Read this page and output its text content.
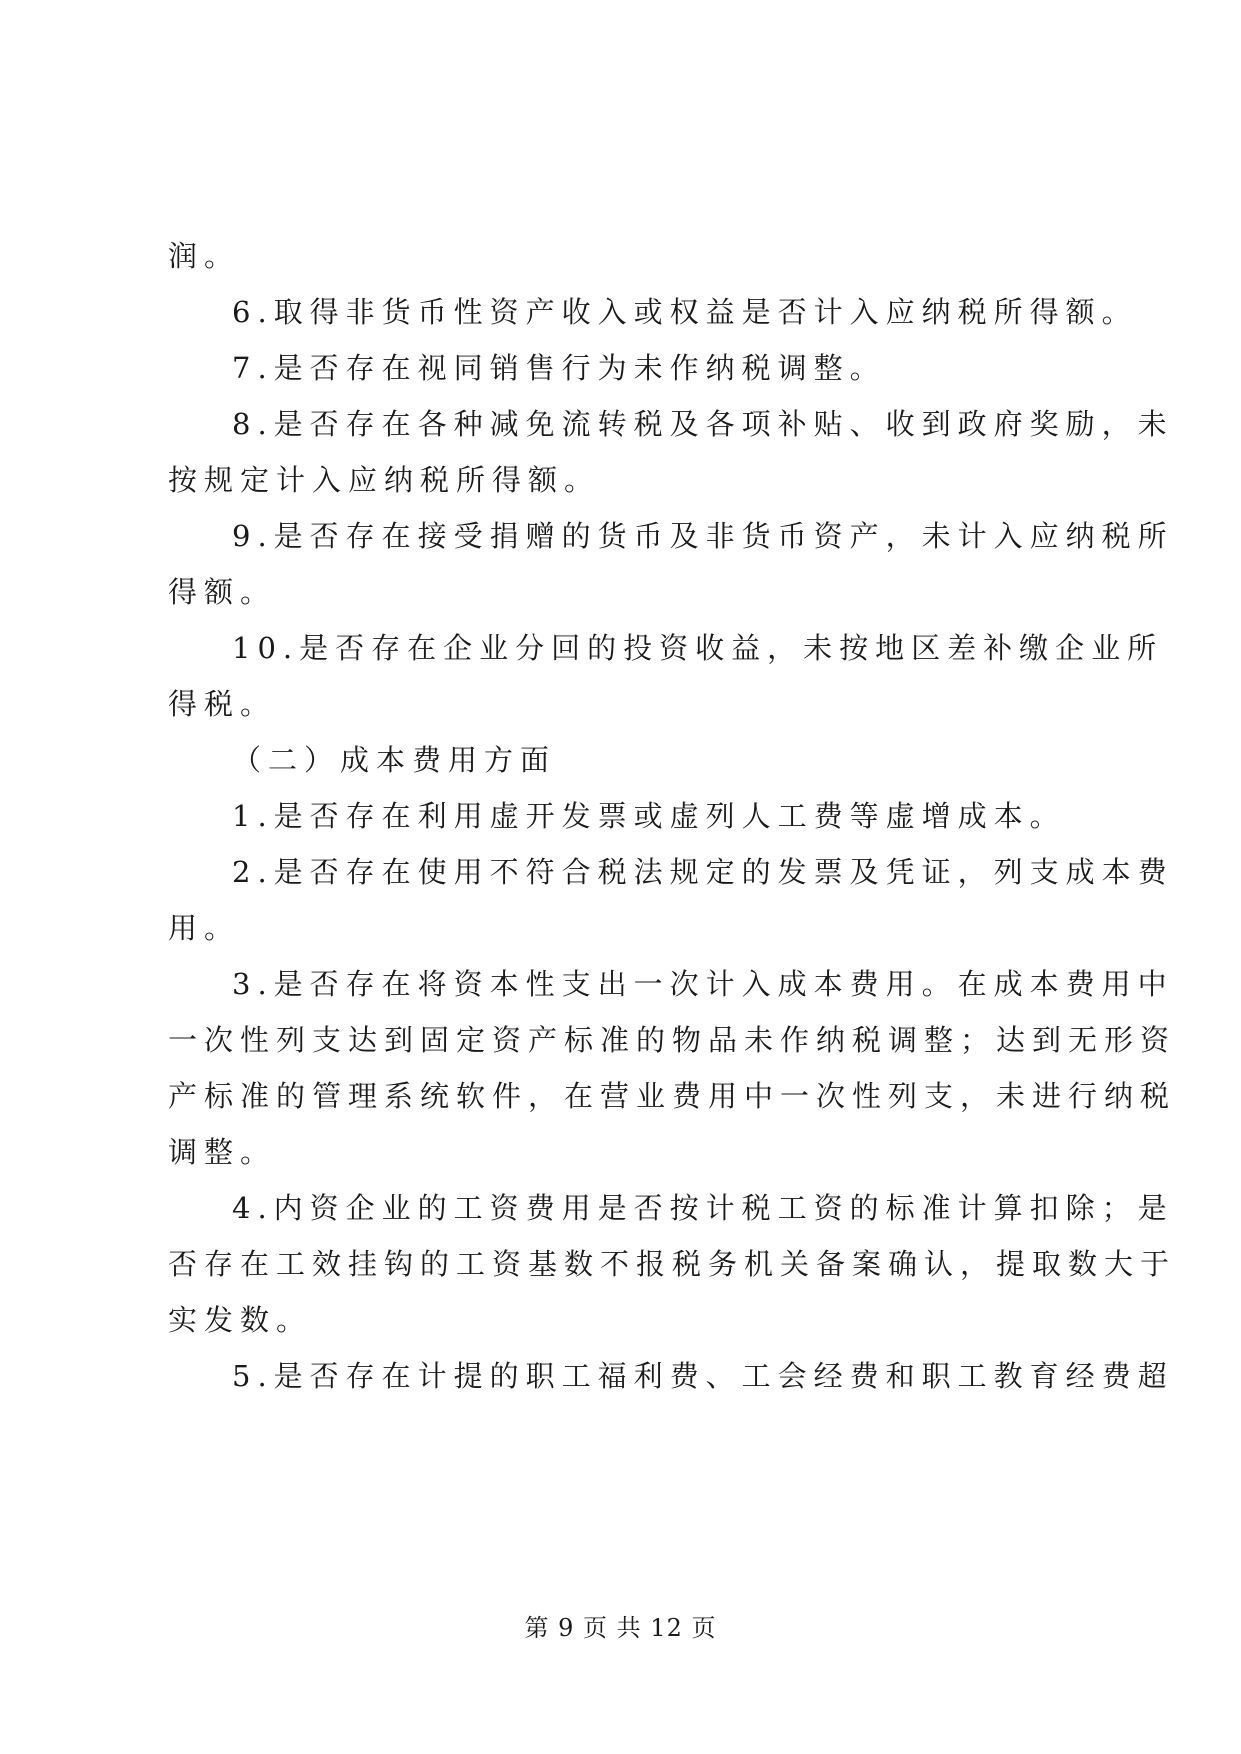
润。
6.取得非货币性资产收入或权益是否计入应纳税所得额。
7.是否存在视同销售行为未作纳税调整。
8.是否存在各种减免流转税及各项补贴、收到政府奖励，未
按规定计入应纳税所得额。
9.是否存在接受捐赠的货币及非货币资产，未计入应纳税所
得额。
10.是否存在企业分回的投资收益，未按地区差补缴企业所
得税。
（二）成本费用方面
1.是否存在利用虚开发票或虚列人工费等虚增成本。
2.是否存在使用不符合税法规定的发票及凭证，列支成本费
用。
3.是否存在将资本性支出一次计入成本费用。在成本费用中
一次性列支达到固定资产标准的物品未作纳税调整；达到无形资
产标准的管理系统软件，在营业费用中一次性列支，未进行纳税
调整。
4.内资企业的工资费用是否按计税工资的标准计算扣除；是
否存在工效挂钩的工资基数不报税务机关备案确认，提取数大于
实发数。
5.是否存在计提的职工福利费、工会经费和职工教育经费超
第 9 页 共 12 页
